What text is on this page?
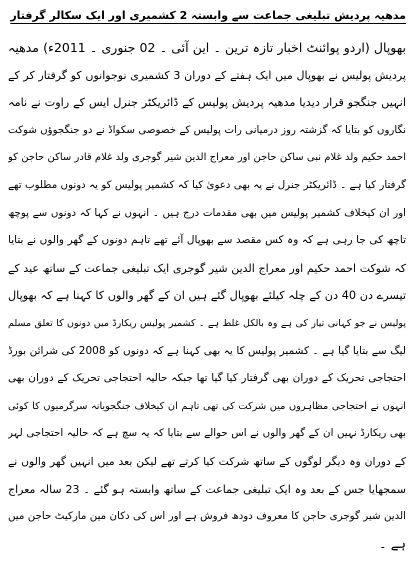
مدھیہ پردیش تبلیغی جماعت سے وابستہ 2 کشمیری اور ایک سکالر گرفتار
بھوپال (اردو پوائنٹ اخبار تازہ ترین ۔ این آئی ۔ 02 جنوری ۔ 2011ء) مدھیہ
پردیش پولیس نے بھوپال میں ایک ہفتے کے دوران 3 کشمیری نوجوانوں کو گرفتار کر کے
انہیں جنگجو قرار دیدیا مدھیہ پردیش پولیس کے ڈائریکٹر جنرل ایس کے راوت نے نامہ
نگاروں کو بتایا کہ گزشتہ روز درمیانی رات پولیس کے خصوصی سکواڈ نے دو جنگجوؤں شوکت
احمد حکیم ولد غلام نبی ساکن حاجن اور معراج الدین شیر گوجری ولد غلام قادر ساکن حاجن کو
گرفتار کیا ہے ۔ ڈائریکٹر جنرل نے یہ بھی دعویٰ کیا کہ کشمیر پولیس کو یہ دونوں مطلوب تھے
اور ان کیخلاف کشمیر پولیس میں بھی مقدمات درج ہیں ۔ انہوں نے کہا کہ دونوں سے پوچھ
تاچھ کی جا رہی ہے کہ وہ کس مقصد سے بھوپال آئے تھے تاہم دونوں کے گھر والوں نے بتایا
کہ شوکت احمد حکیم اور معراج الدین شیر گوجری ایک تبلیغی جماعت کے ساتھ عید کے
تیسرے دن 40 دن کے چلہ کیلئے بھوپال گئے ہیں ان کے گھر والوں کا کہنا ہے کہ بھوپال
پولیس نے جو کہانی تیار کی ہے وہ بالکل غلط ہے ۔ کشمیر پولیس ریکارڈ میں دونوں کا تعلق مسلم
لیگ سے بتایا گیا ہے ۔ کشمیر پولیس کا یہ بھی کہنا ہے کہ دونوں کو 2008 کی شرائن بورڈ
احتجاجی تحریک کے دوران بھی گرفتار کیا گیا تھا جبکہ حالیہ احتجاجی تحریک کے دوران بھی
انہوں نے احتجاجی مظاہروں میں شرکت کی تھی تاہم ان کیخلاف جنگجویانہ سرگرمیوں کا کوئی
بھی ریکارڈ نہیں ان کے گھر والوں نے اس حوالے سے بتایا کہ یہ سچ ہے کہ حالیہ احتجاجی لہر
کے دوران وہ دیگر لوگوں کے ساتھ شرکت کیا کرتے تھے لیکن بعد میں انہیں گھر والوں نے
سمجھایا جس کے بعد وہ ایک تبلیغی جماعت کے ساتھ وابستہ ہو گئے ۔ 23 سالہ معراج
الدین شیر گوجری حاجن کا معروف دودھ فروش ہے اور اس کی دکان مین مارکیٹ حاجن میں
ہے ۔
